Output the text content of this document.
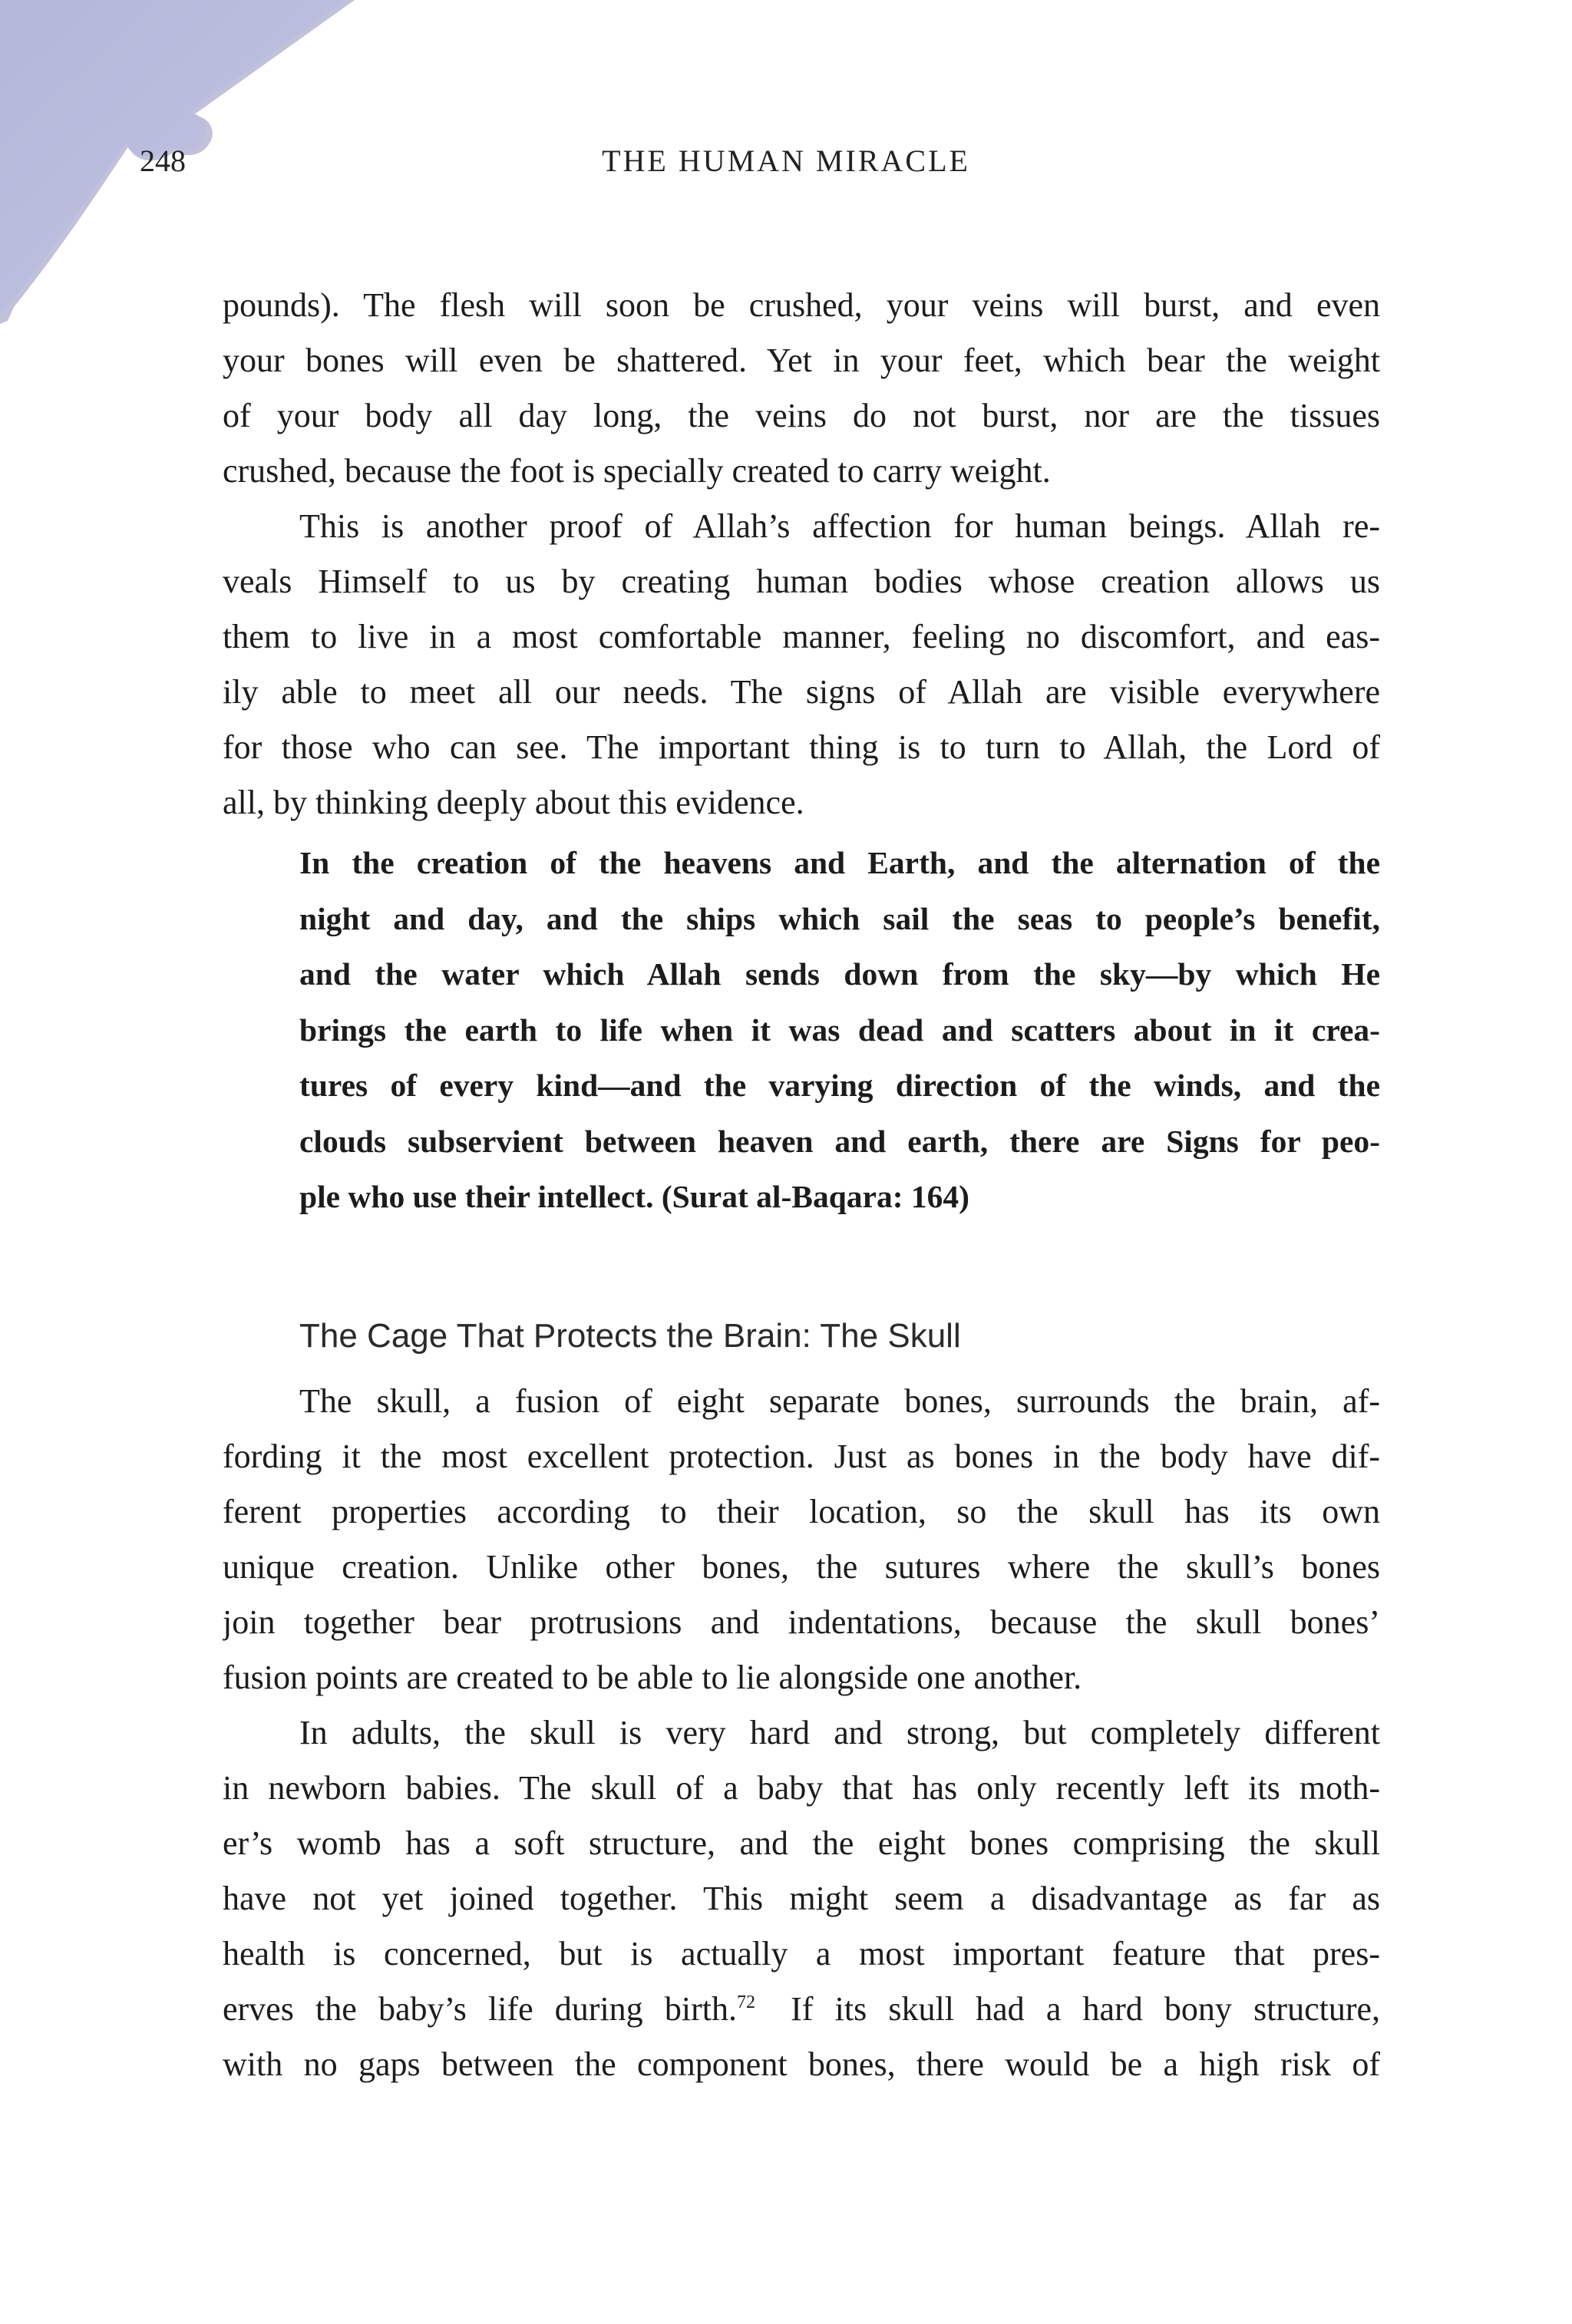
248	THE HUMAN MIRACLE
pounds). The flesh will soon be crushed, your veins will burst, and even
your bones will even be shattered. Yet in your feet, which bear the weight
of your body all day long, the veins do not burst, nor are the tissues
crushed, because the foot is specially created to carry weight.
This is another proof of Allah’s affection for human beings. Allah re-
veals Himself to us by creating human bodies whose creation allows us
them to live in a most comfortable manner, feeling no discomfort, and eas-
ily able to meet all our needs. The signs of Allah are visible everywhere
for those who can see. The important thing is to turn to Allah, the Lord of
all, by thinking deeply about this evidence.
In the creation of the heavens and Earth, and the alternation of the
night and day, and the ships which sail the seas to people’s benefit,
and the water which Allah sends down from the sky—by which He
brings the earth to life when it was dead and scatters about in it crea-
tures of every kind—and the varying direction of the winds, and the
clouds subservient between heaven and earth, there are Signs for peo-
ple who use their intellect. (Surat al-Baqara: 164)
The Cage That Protects the Brain: The Skull
The skull, a fusion of eight separate bones, surrounds the brain, af-
fording it the most excellent protection. Just as bones in the body have dif-
ferent properties according to their location, so the skull has its own
unique creation. Unlike other bones, the sutures where the skull’s bones
join together bear protrusions and indentations, because the skull bones’
fusion points are created to be able to lie alongside one another.
In adults, the skull is very hard and strong, but completely different
in newborn babies. The skull of a baby that has only recently left its moth-
er’s womb has a soft structure, and the eight bones comprising the skull
have not yet joined together. This might seem a disadvantage as far as
health is concerned, but is actually a most important feature that pres-
erves the baby’s life during birth.$^{72}$ If its skull had a hard bony structure,
with no gaps between the component bones, there would be a high risk of
